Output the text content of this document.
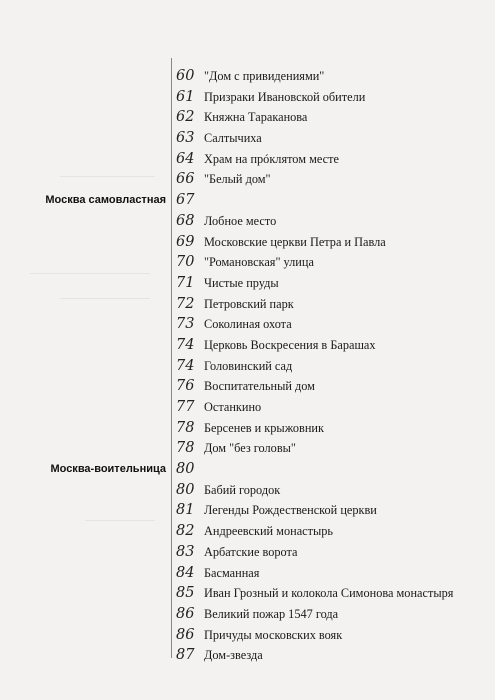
60 "Дом с привидениями"
61 Призраки Ивановской обители
62 Княжна Тараканова
63 Салтычиха
64 Храм на прóклятом месте
66 "Белый дом"
Москва самовластная 67
68 Лобное место
69 Московские церкви Петра и Павла
70 "Романовская" улица
71 Чистые пруды
72 Петровский парк
73 Соколиная охота
74 Церковь Воскресения в Барашах
74 Головинский сад
76 Воспитательный дом
77 Останкино
78 Берсенев и крыжовник
78 Дом "без головы"
Москва-воительница 80
80 Бабий городок
81 Легенды Рождественской церкви
82 Андреевский монастырь
83 Арбатские ворота
84 Басманная
85 Иван Грозный и колокола Симонова монастыря
86 Великий пожар 1547 года
86 Причуды московских вояк
87 Дом-звезда
